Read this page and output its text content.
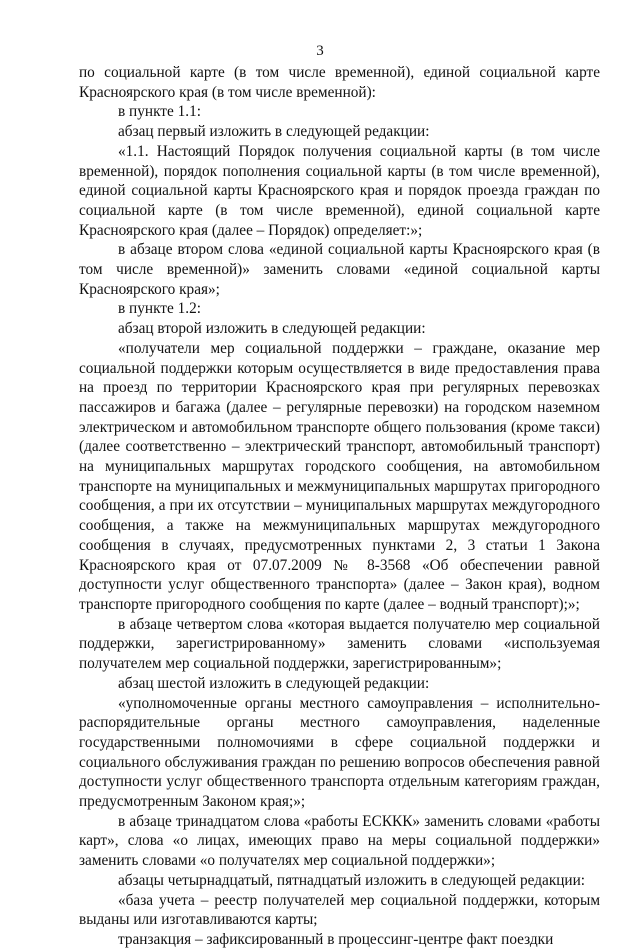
3

по социальной карте (в том числе временной), единой социальной карте Красноярского края (в том числе временной):

в пункте 1.1:

абзац первый изложить в следующей редакции:

«1.1. Настоящий Порядок получения социальной карты (в том числе временной), порядок пополнения социальной карты (в том числе временной), единой социальной карты Красноярского края и порядок проезда граждан по социальной карте (в том числе временной), единой социальной карте Красноярского края (далее – Порядок) определяет:»;

в абзаце втором слова «единой социальной карты Красноярского края (в том числе временной)» заменить словами «единой социальной карты Красноярского края»;

в пункте 1.2:

абзац второй изложить в следующей редакции:

«получатели мер социальной поддержки – граждане, оказание мер социальной поддержки которым осуществляется в виде предоставления права на проезд по территории Красноярского края при регулярных перевозках пассажиров и багажа (далее – регулярные перевозки) на городском наземном электрическом и автомобильном транспорте общего пользования (кроме такси) (далее соответственно – электрический транспорт, автомобильный транспорт) на муниципальных маршрутах городского сообщения, на автомобильном транспорте на муниципальных и межмуниципальных маршрутах пригородного сообщения, а при их отсутствии – муниципальных маршрутах междугородного сообщения, а также на межмуниципальных маршрутах междугородного сообщения в случаях, предусмотренных пунктами 2, 3 статьи 1 Закона Красноярского края от 07.07.2009 № 8-3568 «Об обеспечении равной доступности услуг общественного транспорта» (далее – Закон края), водном транспорте пригородного сообщения по карте (далее – водный транспорт);»;

в абзаце четвертом слова «которая выдается получателю мер социальной поддержки, зарегистрированному» заменить словами «используемая получателем мер социальной поддержки, зарегистрированным»;

абзац шестой изложить в следующей редакции:

«уполномоченные органы местного самоуправления – исполнительно-распорядительные органы местного самоуправления, наделенные государственными полномочиями в сфере социальной поддержки и социального обслуживания граждан по решению вопросов обеспечения равной доступности услуг общественного транспорта отдельным категориям граждан, предусмотренным Законом края;»;

в абзаце тринадцатом слова «работы ЕСККК» заменить словами «работы карт», слова «о лицах, имеющих право на меры социальной поддержки» заменить словами «о получателях мер социальной поддержки»;

абзацы четырнадцатый, пятнадцатый изложить в следующей редакции:

«база учета – реестр получателей мер социальной поддержки, которым выданы или изготавливаются карты;

транзакция – зафиксированный в процессинг-центре факт поездки
